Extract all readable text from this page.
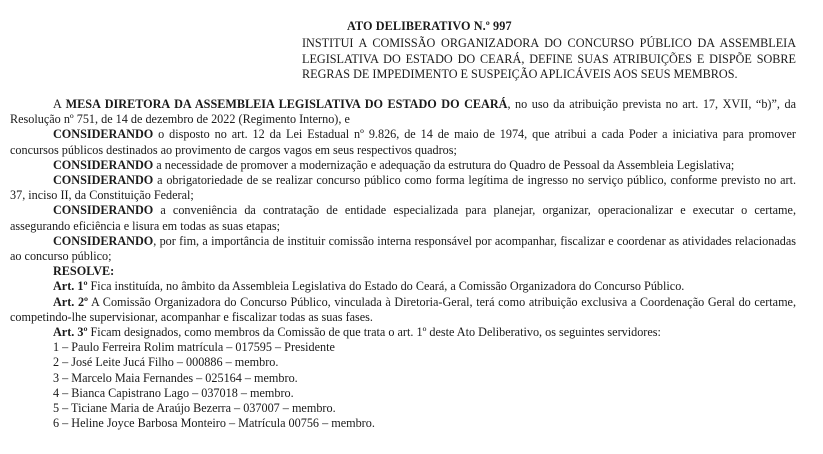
ATO DELIBERATIVO N.º 997
INSTITUI A COMISSÃO ORGANIZADORA DO CONCURSO PÚBLICO DA ASSEMBLEIA LEGISLATIVA DO ESTADO DO CEARÁ, DEFINE SUAS ATRIBUIÇÕES E DISPÕE SOBRE REGRAS DE IMPEDIMENTO E SUSPEIÇÃO APLICÁVEIS AOS SEUS MEMBROS.

A MESA DIRETORA DA ASSEMBLEIA LEGISLATIVA DO ESTADO DO CEARÁ, no uso da atribuição prevista no art. 17, XVII, “b)”, da Resolução nº 751, de 14 de dezembro de 2022 (Regimento Interno), e

CONSIDERANDO o disposto no art. 12 da Lei Estadual nº 9.826, de 14 de maio de 1974, que atribui a cada Poder a iniciativa para promover concursos públicos destinados ao provimento de cargos vagos em seus respectivos quadros;

CONSIDERANDO a necessidade de promover a modernização e adequação da estrutura do Quadro de Pessoal da Assembleia Legislativa;

CONSIDERANDO a obrigatoriedade de se realizar concurso público como forma legítima de ingresso no serviço público, conforme previsto no art. 37, inciso II, da Constituição Federal;

CONSIDERANDO a conveniência da contratação de entidade especializada para planejar, organizar, operacionalizar e executar o certame, assegurando eficiência e lisura em todas as suas etapas;

CONSIDERANDO, por fim, a importância de instituir comissão interna responsável por acompanhar, fiscalizar e coordenar as atividades relacionadas ao concurso público;

RESOLVE:

Art. 1º Fica instituída, no âmbito da Assembleia Legislativa do Estado do Ceará, a Comissão Organizadora do Concurso Público.

Art. 2º A Comissão Organizadora do Concurso Público, vinculada à Diretoria-Geral, terá como atribuição exclusiva a Coordenação Geral do certame, competindo-lhe supervisionar, acompanhar e fiscalizar todas as suas fases.

Art. 3º Ficam designados, como membros da Comissão de que trata o art. 1º deste Ato Deliberativo, os seguintes servidores:

1 – Paulo Ferreira Rolim matrícula – 017595 – Presidente

2 – José Leite Jucá Filho – 000886 – membro.

3 – Marcelo Maia Fernandes – 025164 – membro.

4 – Bianca Capistrano Lago – 037018 – membro.

5 – Ticiane Maria de Araújo Bezerra – 037007 – membro.

6 – Heline Joyce Barbosa Monteiro – Matrícula 00756 – membro.
